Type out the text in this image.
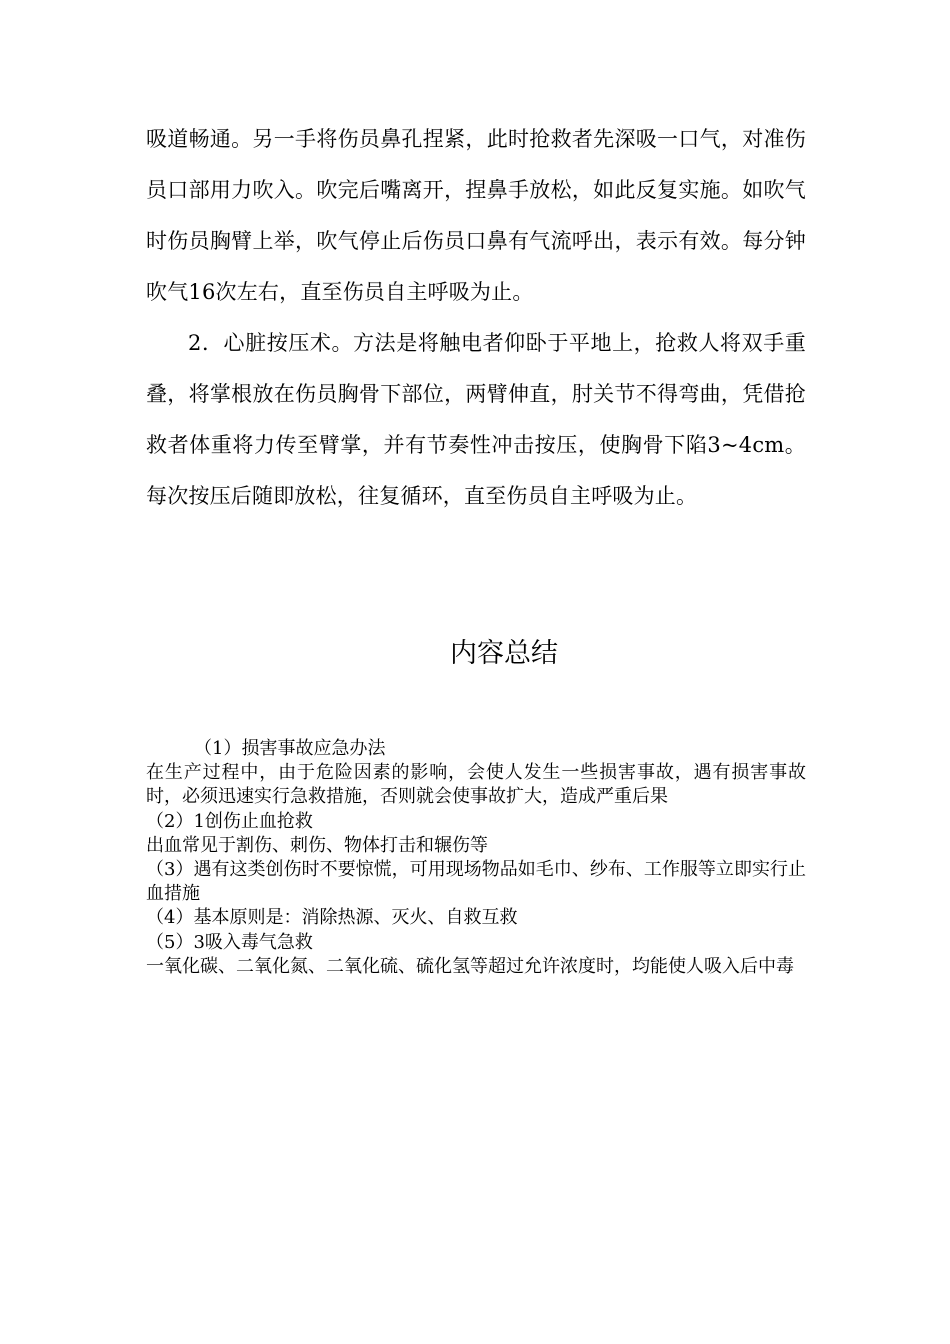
吸道畅通。另一手将伤员鼻孔捏紧，此时抢救者先深吸一口气，对准伤员口部用力吹入。吹完后嘴离开，捏鼻手放松，如此反复实施。如吹气时伤员胸臂上举，吹气停止后伤员口鼻有气流呼出，表示有效。每分钟吹气16次左右，直至伤员自主呼吸为止。

2．心脏按压术。方法是将触电者仰卧于平地上，抢救人将双手重叠，将掌根放在伤员胸骨下部位，两臂伸直，肘关节不得弯曲，凭借抢救者体重将力传至臂掌，并有节奏性冲击按压，使胸骨下陷3~4cm。每次按压后随即放松，往复循环，直至伤员自主呼吸为止。

内容总结

（1）损害事故应急办法

在生产过程中，由于危险因素的影响，会使人发生一些损害事故，遇有损害事故时，必须迅速实行急救措施，否则就会使事故扩大，造成严重后果

（2）1创伤止血抢救

出血常见于割伤、刺伤、物体打击和辗伤等

（3）遇有这类创伤时不要惊慌，可用现场物品如毛巾、纱布、工作服等立即实行止血措施

（4）基本原则是：消除热源、灭火、自救互救

（5）3吸入毒气急救

一氧化碳、二氧化氮、二氧化硫、硫化氢等超过允许浓度时，均能使人吸入后中毒
